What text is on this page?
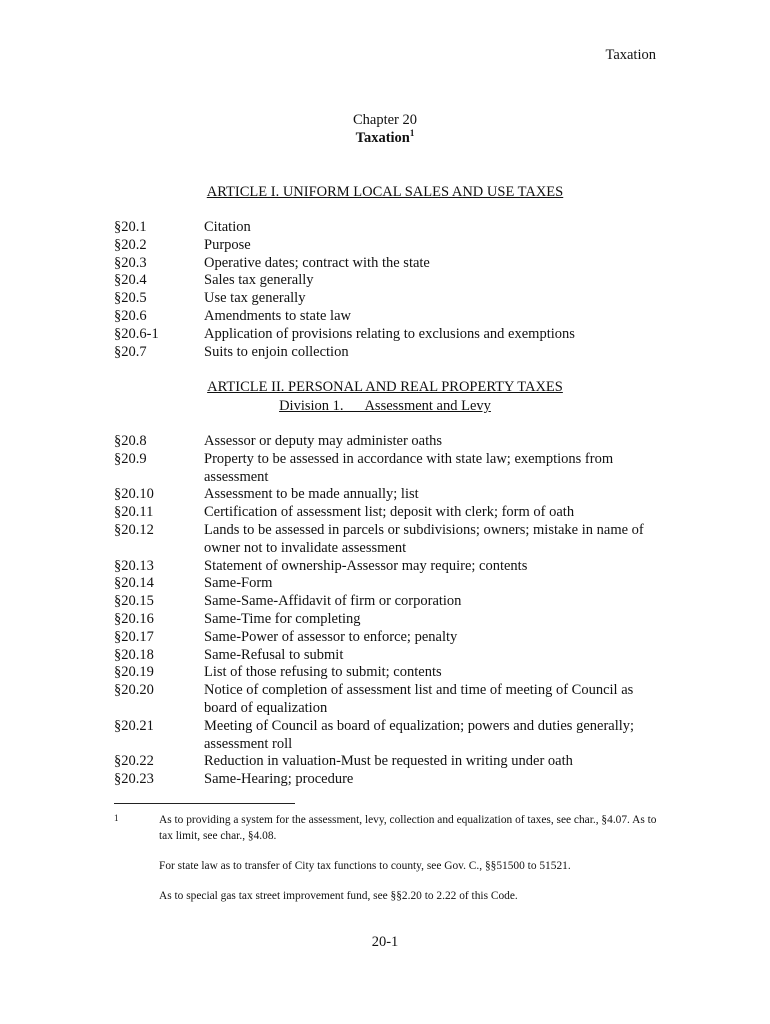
Taxation
Chapter 20
Taxation$^1$
ARTICLE I. UNIFORM LOCAL SALES AND USE TAXES
§20.1	Citation
§20.2	Purpose
§20.3	Operative dates; contract with the state
§20.4	Sales tax generally
§20.5	Use tax generally
§20.6	Amendments to state law
§20.6-1	Application of provisions relating to exclusions and exemptions
§20.7	Suits to enjoin collection
ARTICLE II. PERSONAL AND REAL PROPERTY TAXES
Division 1.      Assessment and Levy
§20.8	Assessor or deputy may administer oaths
§20.9	Property to be assessed in accordance with state law; exemptions from assessment
§20.10	Assessment to be made annually; list
§20.11	Certification of assessment list; deposit with clerk; form of oath
§20.12	Lands to be assessed in parcels or subdivisions; owners; mistake in name of owner not to invalidate assessment
§20.13	Statement of ownership-Assessor may require; contents
§20.14	Same-Form
§20.15	Same-Same-Affidavit of firm or corporation
§20.16	Same-Time for completing
§20.17	Same-Power of assessor to enforce; penalty
§20.18	Same-Refusal to submit
§20.19	List of those refusing to submit; contents
§20.20	Notice of completion of assessment list and time of meeting of Council as board of equalization
§20.21	Meeting of Council as board of equalization; powers and duties generally; assessment roll
§20.22	Reduction in valuation-Must be requested in writing under oath
§20.23	Same-Hearing; procedure
1	As to providing a system for the assessment, levy, collection and equalization of taxes, see char., §4.07. As to tax limit, see char., §4.08.
For state law as to transfer of City tax functions to county, see Gov. C., §§51500 to 51521.
As to special gas tax street improvement fund, see §§2.20 to 2.22 of this Code.
20-1
